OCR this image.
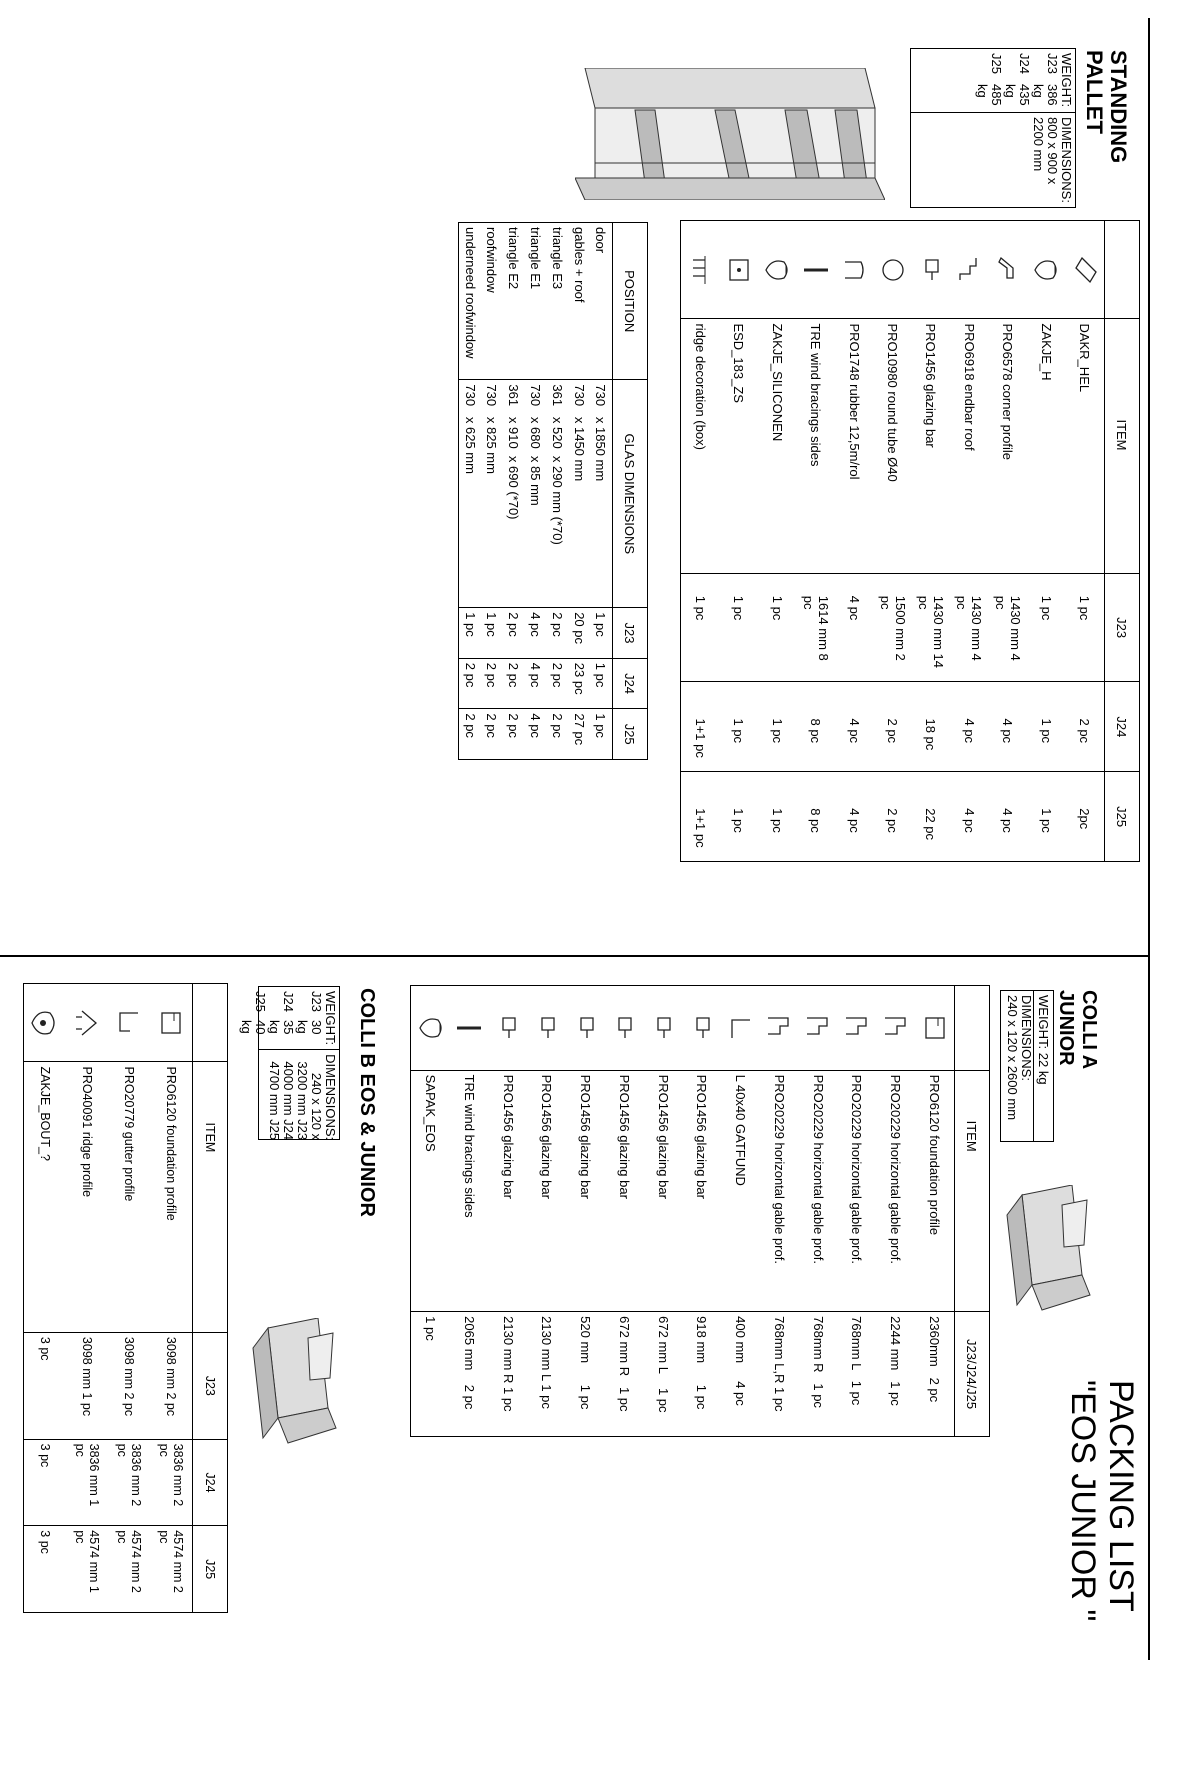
PACKING LIST
"EOS JUNIOR "
STANDING
PALLET
WEIGHT:
J23
386 kg
J24
435 kg
J25
485 kg
DIMENSIONS:
800 x 900 x 2200 mm
	ITEM	J23	J24	J25

	DAKR_HEL	1 pc	2 pc	2pc

	ZAKJE_H	1 pc	1 pc	1 pc

	PRO6578 corner profile	1430 mm 4 pc	4 pc	4 pc

	PRO6918 endbar roof	1430 mm 4 pc	4 pc	4 pc

	PRO1456 glazing bar	1430 mm 14 pc	18 pc	22 pc

	PRO10980 round tube Ø40	1500 mm 2 pc	2 pc	2 pc

	PRO1748 rubber 12,5m/rol	4 pc	4 pc	4 pc

	TRE wind bracings sides	1614 mm 8 pc	8 pc	8 pc

	ZAKJE_SILICONEN	1 pc	1 pc	1 pc

	ESD_183_ZS	1 pc	1 pc	1 pc

	ridge decoration (box)	1 pc	1+1 pc	1+1 pc
POSITION	GLAS DIMENSIONS	J23	J24	J25
door	730   x 1850 mm	1 pc	1 pc	1 pc
gables + roof	730   x 1450 mm	20 pc	23 pc	27 pc
triangle E3	361   x 520  x 290 mm (*70)	2 pc	2 pc	2 pc
triangle E1	730   x 680  x 85 mm	4 pc	4 pc	4 pc
triangle E2	361   x 910  x 690 (*70)	2 pc	2 pc	2 pc
roofwindow	730   x 825 mm	1 pc	2 pc	2 pc
underneed roofwindow	730   x 625 mm	1 pc	2 pc	2 pc
COLLI A JUNIOR
WEIGHT: 22 kg
DIMENSIONS:
240 x 120 x 2600 mm
	ITEM	J23/J24/J25

	PRO6120 foundation profile	2360mm   2 pc

	PRO20229 horizontal gable prof.	2244 mm   1 pc

	PRO20229 horizontal gable prof.	768mm L   1 pc

	PRO20229 horizontal gable prof.	768mm R   1 pc

	PRO20229 horizontal gable prof.	768mm L,R 1 pc

	L 40x40 GATFUND	400 mm     4 pc

	PRO1456 glazing bar	918 mm      1 pc

	PRO1456 glazing bar	672 mm L    1 pc

	PRO1456 glazing bar	672 mm R   1 pc

	PRO1456 glazing bar	520 mm      1 pc

	PRO1456 glazing bar	2130 mm L 1 pc

	PRO1456 glazing bar	2130 mm R 1 pc

	TRE wind bracings sides	2065 mm    2 pc

	SAPAK_EOS	1 pc
COLLI B EOS & JUNIOR
WEIGHT:
J23
30 kg
J24
35 kg
J25
40 kg
DIMENSIONS:
240 x 120 x 3200 mm J23
4000 mm J24
4700 mm J25
	ITEM	J23	J24	J25

	PRO6120 foundation profile	3098 mm 2 pc	3836 mm 2 pc	4574 mm 2 pc

	PRO20779 gutter profile	3098 mm 2 pc	3836 mm 2 pc	4574 mm 2 pc

	PRO40091 ridge profile	3098 mm 1 pc	3836 mm 1 pc	4574 mm 1 pc

	ZAKJE_BOUT_?	3 pc	3 pc	3 pc
